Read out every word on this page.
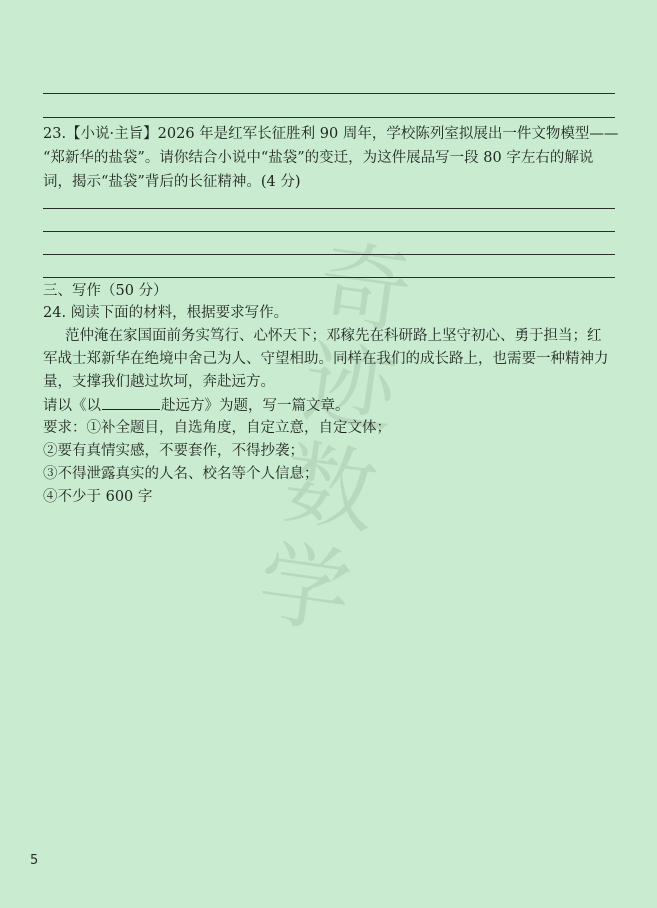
23.【小说·主旨】2026 年是红军长征胜利 90 周年，学校陈列室拟展出一件文物模型——
“郑新华的盐袋”。请你结合小说中“盐袋”的变迁，为这件展品写一段 80 字左右的解说
词，揭示“盐袋”背后的长征精神。(4 分)
三、写作（50 分）
24. 阅读下面的材料，根据要求写作。
范仲淹在家国面前务实笃行、心怀天下；邓稼先在科研路上坚守初心、勇于担当；红
军战士郑新华在绝境中舍己为人、守望相助。同样在我们的成长路上，也需要一种精神力
量，支撑我们越过坎坷，奔赴远方。
请以《以	赴远方》为题，写一篇文章。
要求：①补全题目，自选角度，自定立意，自定文体；
②要有真情实感，不要套作，不得抄袭；
③不得泄露真实的人名、校名等个人信息；
④不少于 600 字
奇
迹
数
学
5
